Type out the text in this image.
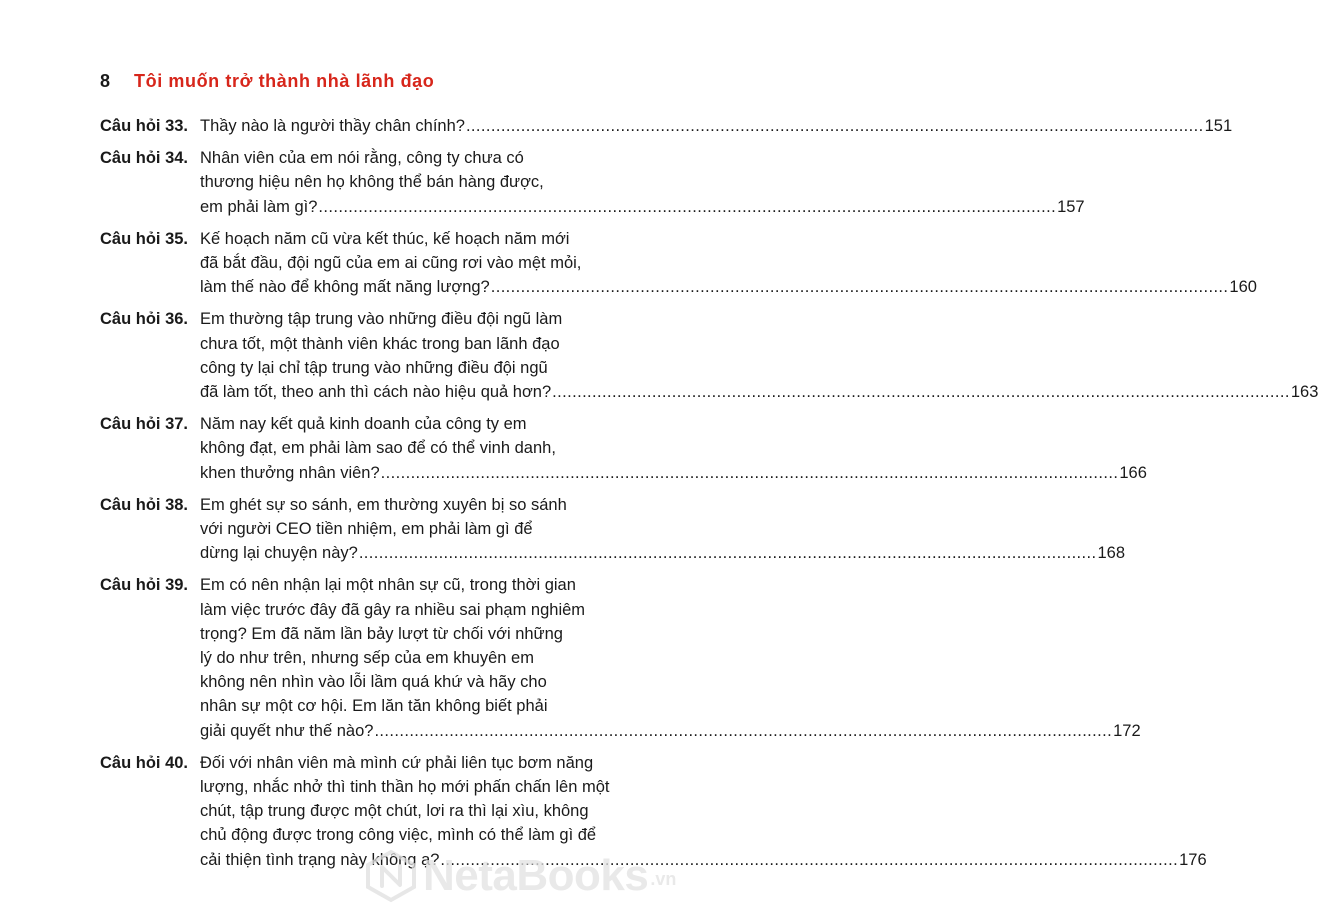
8 Tôi muốn trở thành nhà lãnh đạo
Câu hỏi 33. Thầy nào là người thầy chân chính? .....	151
Câu hỏi 34. Nhân viên của em nói rằng, công ty chưa có
thương hiệu nên họ không thể bán hàng được,
em phải làm gì? .....	157
Câu hỏi 35. Kế hoạch năm cũ vừa kết thúc, kế hoạch năm mới
đã bắt đầu, đội ngũ của em ai cũng rơi vào mệt mỏi,
làm thế nào để không mất năng lượng? .....	160
Câu hỏi 36. Em thường tập trung vào những điều đội ngũ làm
chưa tốt, một thành viên khác trong ban lãnh đạo
công ty lại chỉ tập trung vào những điều đội ngũ
đã làm tốt, theo anh thì cách nào hiệu quả hơn? .....	163
Câu hỏi 37. Năm nay kết quả kinh doanh của công ty em
không đạt, em phải làm sao để có thể vinh danh,
khen thưởng nhân viên? .....	166
Câu hỏi 38. Em ghét sự so sánh, em thường xuyên bị so sánh
với người CEO tiền nhiệm, em phải làm gì để
dừng lại chuyện này? .....	168
Câu hỏi 39. Em có nên nhận lại một nhân sự cũ, trong thời gian
làm việc trước đây đã gây ra nhiều sai phạm nghiêm
trọng? Em đã năm lần bảy lượt từ chối với những
lý do như trên, nhưng sếp của em khuyên em
không nên nhìn vào lỗi lầm quá khứ và hãy cho
nhân sự một cơ hội. Em lăn tăn không biết phải
giải quyết như thế nào? .....	172
Câu hỏi 40. Đối với nhân viên mà mình cứ phải liên tục bơm năng
lượng, nhắc nhở thì tinh thần họ mới phấn chấn lên một
chút, tập trung được một chút, lơi ra thì lại xìu, không
chủ động được trong công việc, mình có thể làm gì để
cải thiện tình trạng này không ạ? .....	176
NetaBooks .vn
